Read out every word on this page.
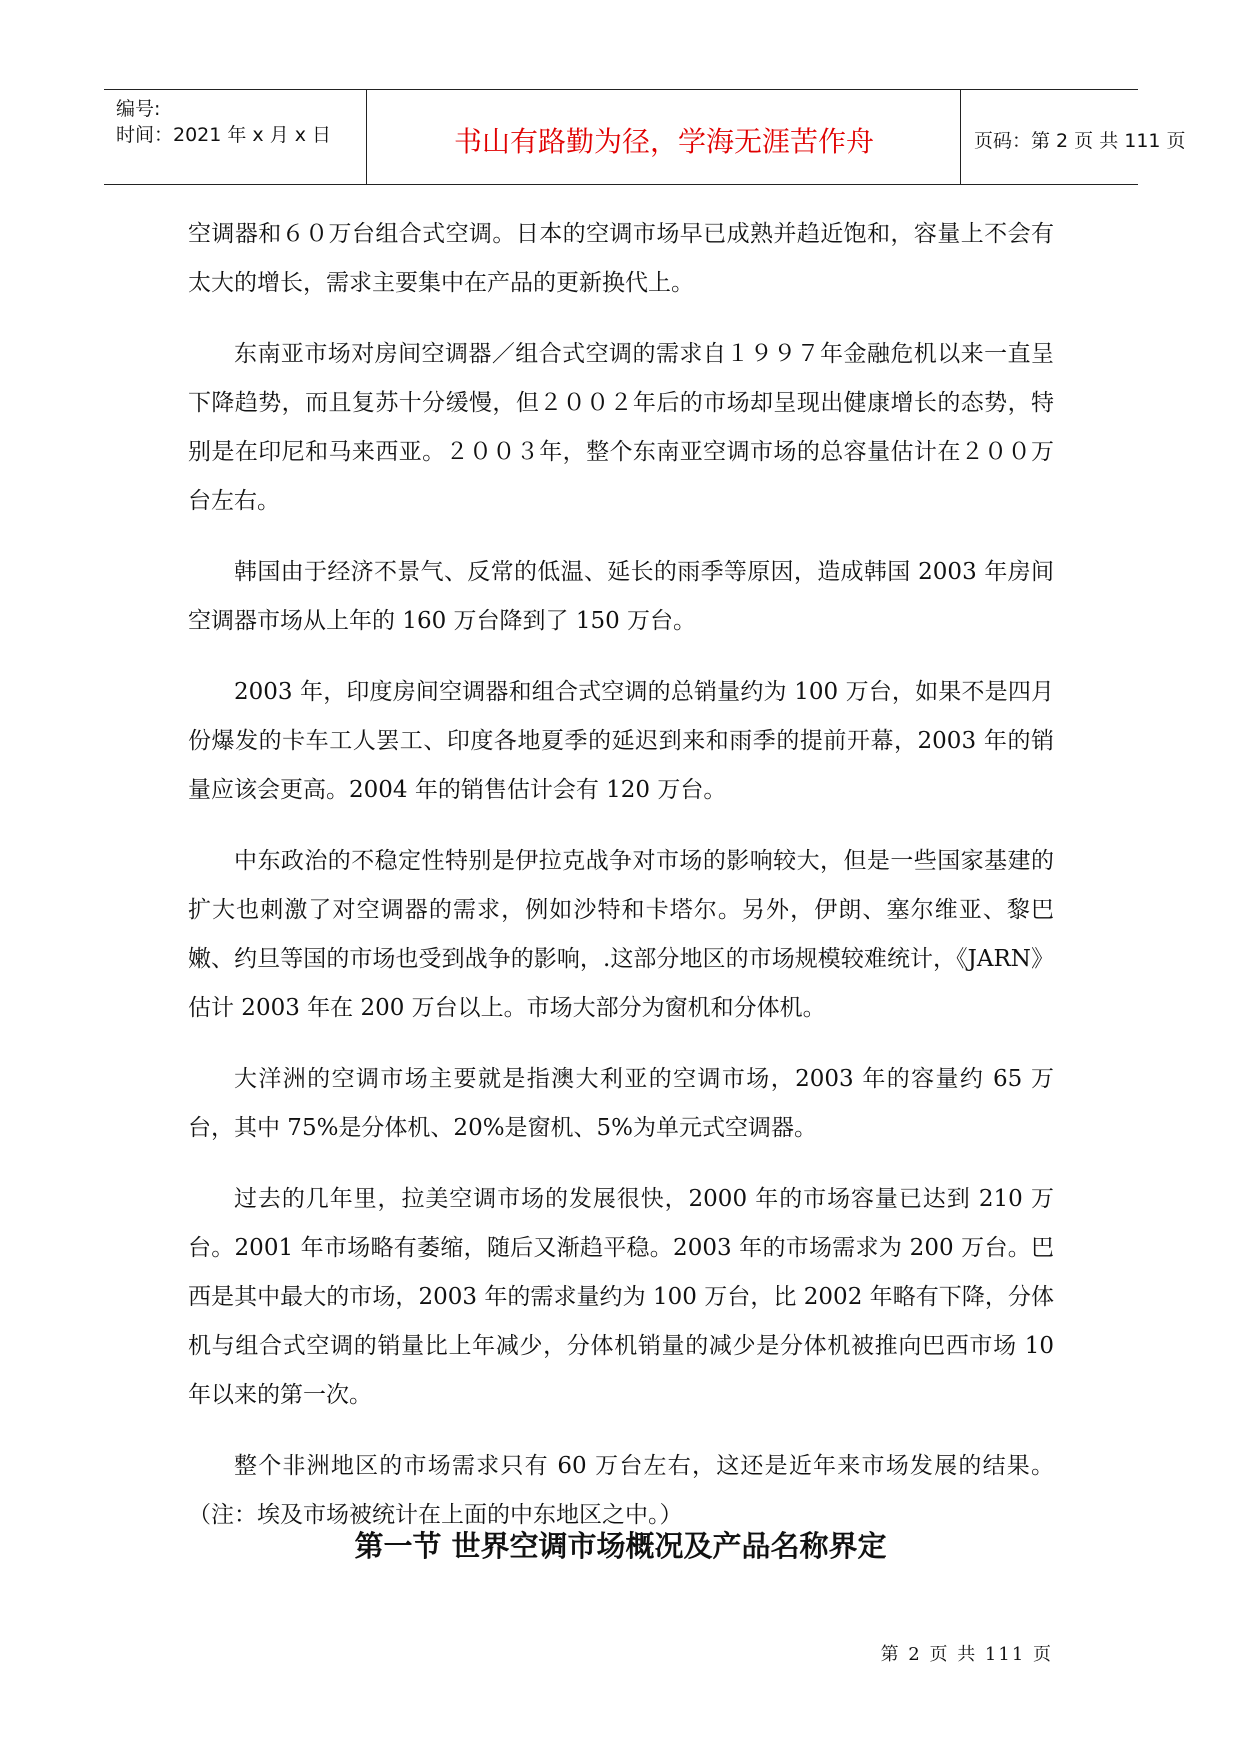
编号:
时间：2021 年 x 月 x 日	书山有路勤为径，学海无涯苦作舟	页码：第 2 页 共 111 页

空调器和６０万台组合式空调。日本的空调市场早已成熟并趋近饱和，容量上不会有太大的增长，需求主要集中在产品的更新换代上。

东南亚市场对房间空调器／组合式空调的需求自１９９７年金融危机以来一直呈下降趋势，而且复苏十分缓慢，但２００２年后的市场却呈现出健康增长的态势，特别是在印尼和马来西亚。２００３年，整个东南亚空调市场的总容量估计在２００万台左右。

韩国由于经济不景气、反常的低温、延长的雨季等原因，造成韩国 2003 年房间空调器市场从上年的 160 万台降到了 150 万台。

2003 年，印度房间空调器和组合式空调的总销量约为 100 万台，如果不是四月份爆发的卡车工人罢工、印度各地夏季的延迟到来和雨季的提前开幕，2003 年的销量应该会更高。2004 年的销售估计会有 120 万台。

中东政治的不稳定性特别是伊拉克战争对市场的影响较大，但是一些国家基建的扩大也刺激了对空调器的需求，例如沙特和卡塔尔。另外，伊朗、塞尔维亚、黎巴嫩、约旦等国的市场也受到战争的影响，.这部分地区的市场规模较难统计，《JARN》估计 2003 年在 200 万台以上。市场大部分为窗机和分体机。

大洋洲的空调市场主要就是指澳大利亚的空调市场，2003 年的容量约 65 万台，其中 75%是分体机、20%是窗机、5%为单元式空调器。

过去的几年里，拉美空调市场的发展很快，2000 年的市场容量已达到 210 万台。2001 年市场略有萎缩，随后又渐趋平稳。2003 年的市场需求为 200 万台。巴西是其中最大的市场，2003 年的需求量约为 100 万台，比 2002 年略有下降，分体机与组合式空调的销量比上年减少，分体机销量的减少是分体机被推向巴西市场 10 年以来的第一次。

整个非洲地区的市场需求只有 60 万台左右，这还是近年来市场发展的结果。（注：埃及市场被统计在上面的中东地区之中。）

第一节 世界空调市场概况及产品名称界定
第 2 页 共 111 页
